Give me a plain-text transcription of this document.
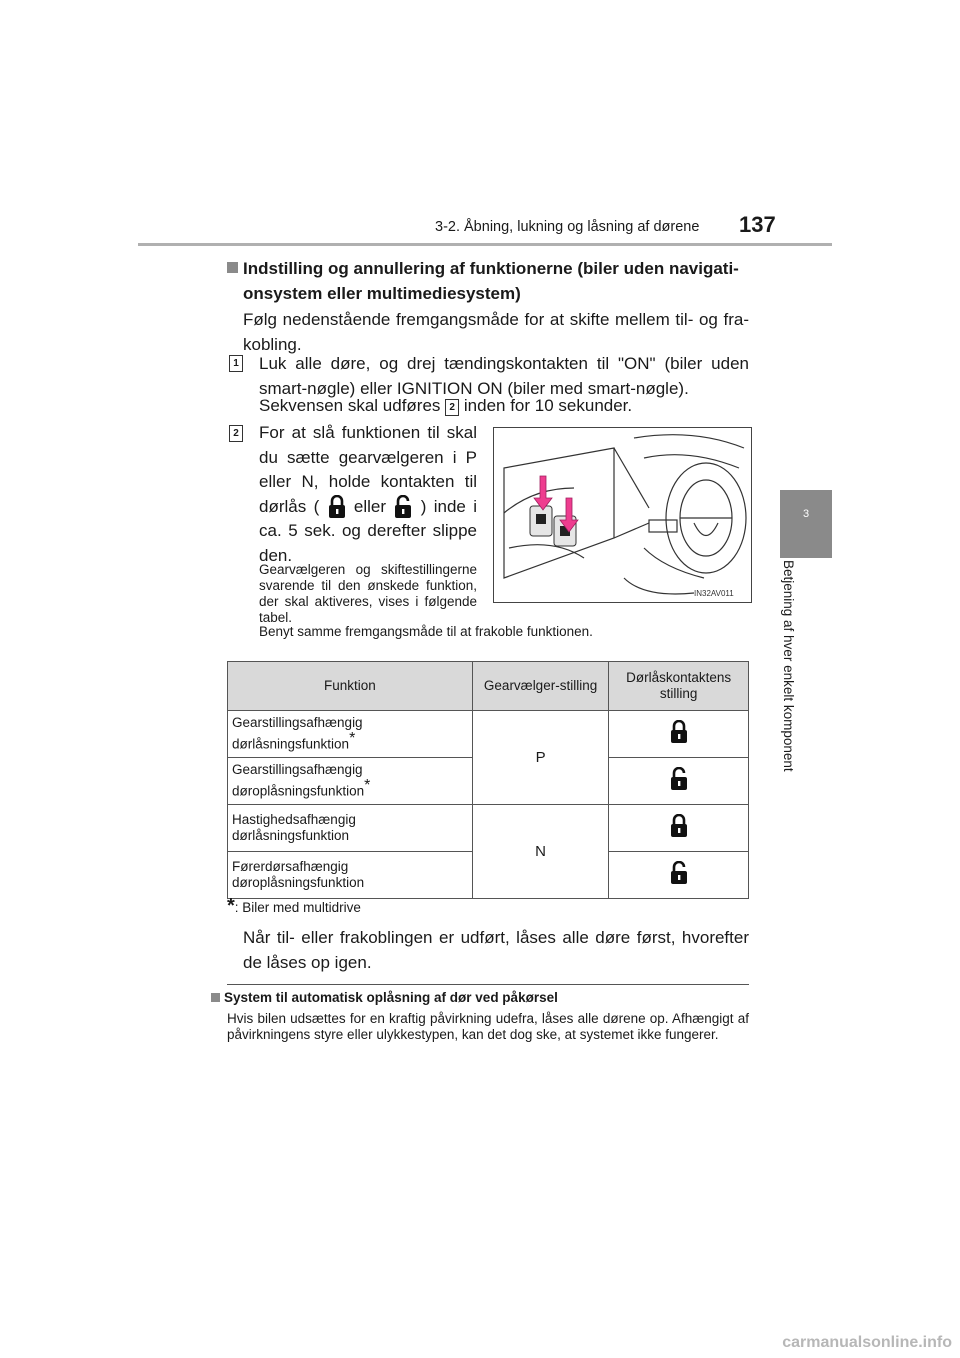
3-2. Åbning, lukning og låsning af dørene 137
3
Betjening af hver enkelt komponent
Indstilling og annullering af funktionerne (biler uden navigati-
onsystem eller multimediesystem)
Følg nedenstående fremgangsmåde for at skifte mellem til- og fra-kobling.
1 Luk alle døre, og drej tændingskontakten til "ON" (biler uden smart-nøgle) eller IGNITION ON (biler med smart-nøgle).
Sekvensen skal udføres 2 inden for 10 sekunder.
2 For at slå funktionen til skal du sætte gearvælgeren i P eller N, holde kontakten til dørlås ( eller ) inde i ca. 5 sek. og derefter slippe den.
Gearvælgeren og skiftestillingerne svarende til den ønskede funktion, der skal aktiveres, vises i følgende tabel.
Benyt samme fremgangsmåde til at frakoble funktionen.
IN32AV011
Funktion	Gearvælger-stilling	Dørlåskontaktens stilling
Gearstillingsafhængig dørlåsningsfunktion*	P	
Gearstillingsafhængig døroplåsningsfunktion*	
Hastighedsafhængig dørlåsningsfunktion	N	
Førerdørsafhængig døroplåsningsfunktion	
*: Biler med multidrive
Når til- eller frakoblingen er udført, låses alle døre først, hvorefter de låses op igen.
System til automatisk oplåsning af dør ved påkørsel
Hvis bilen udsættes for en kraftig påvirkning udefra, låses alle dørene op. Afhængigt af påvirkningens styre eller ulykkestypen, kan det dog ske, at systemet ikke fungerer.
carmanualsonline.info
